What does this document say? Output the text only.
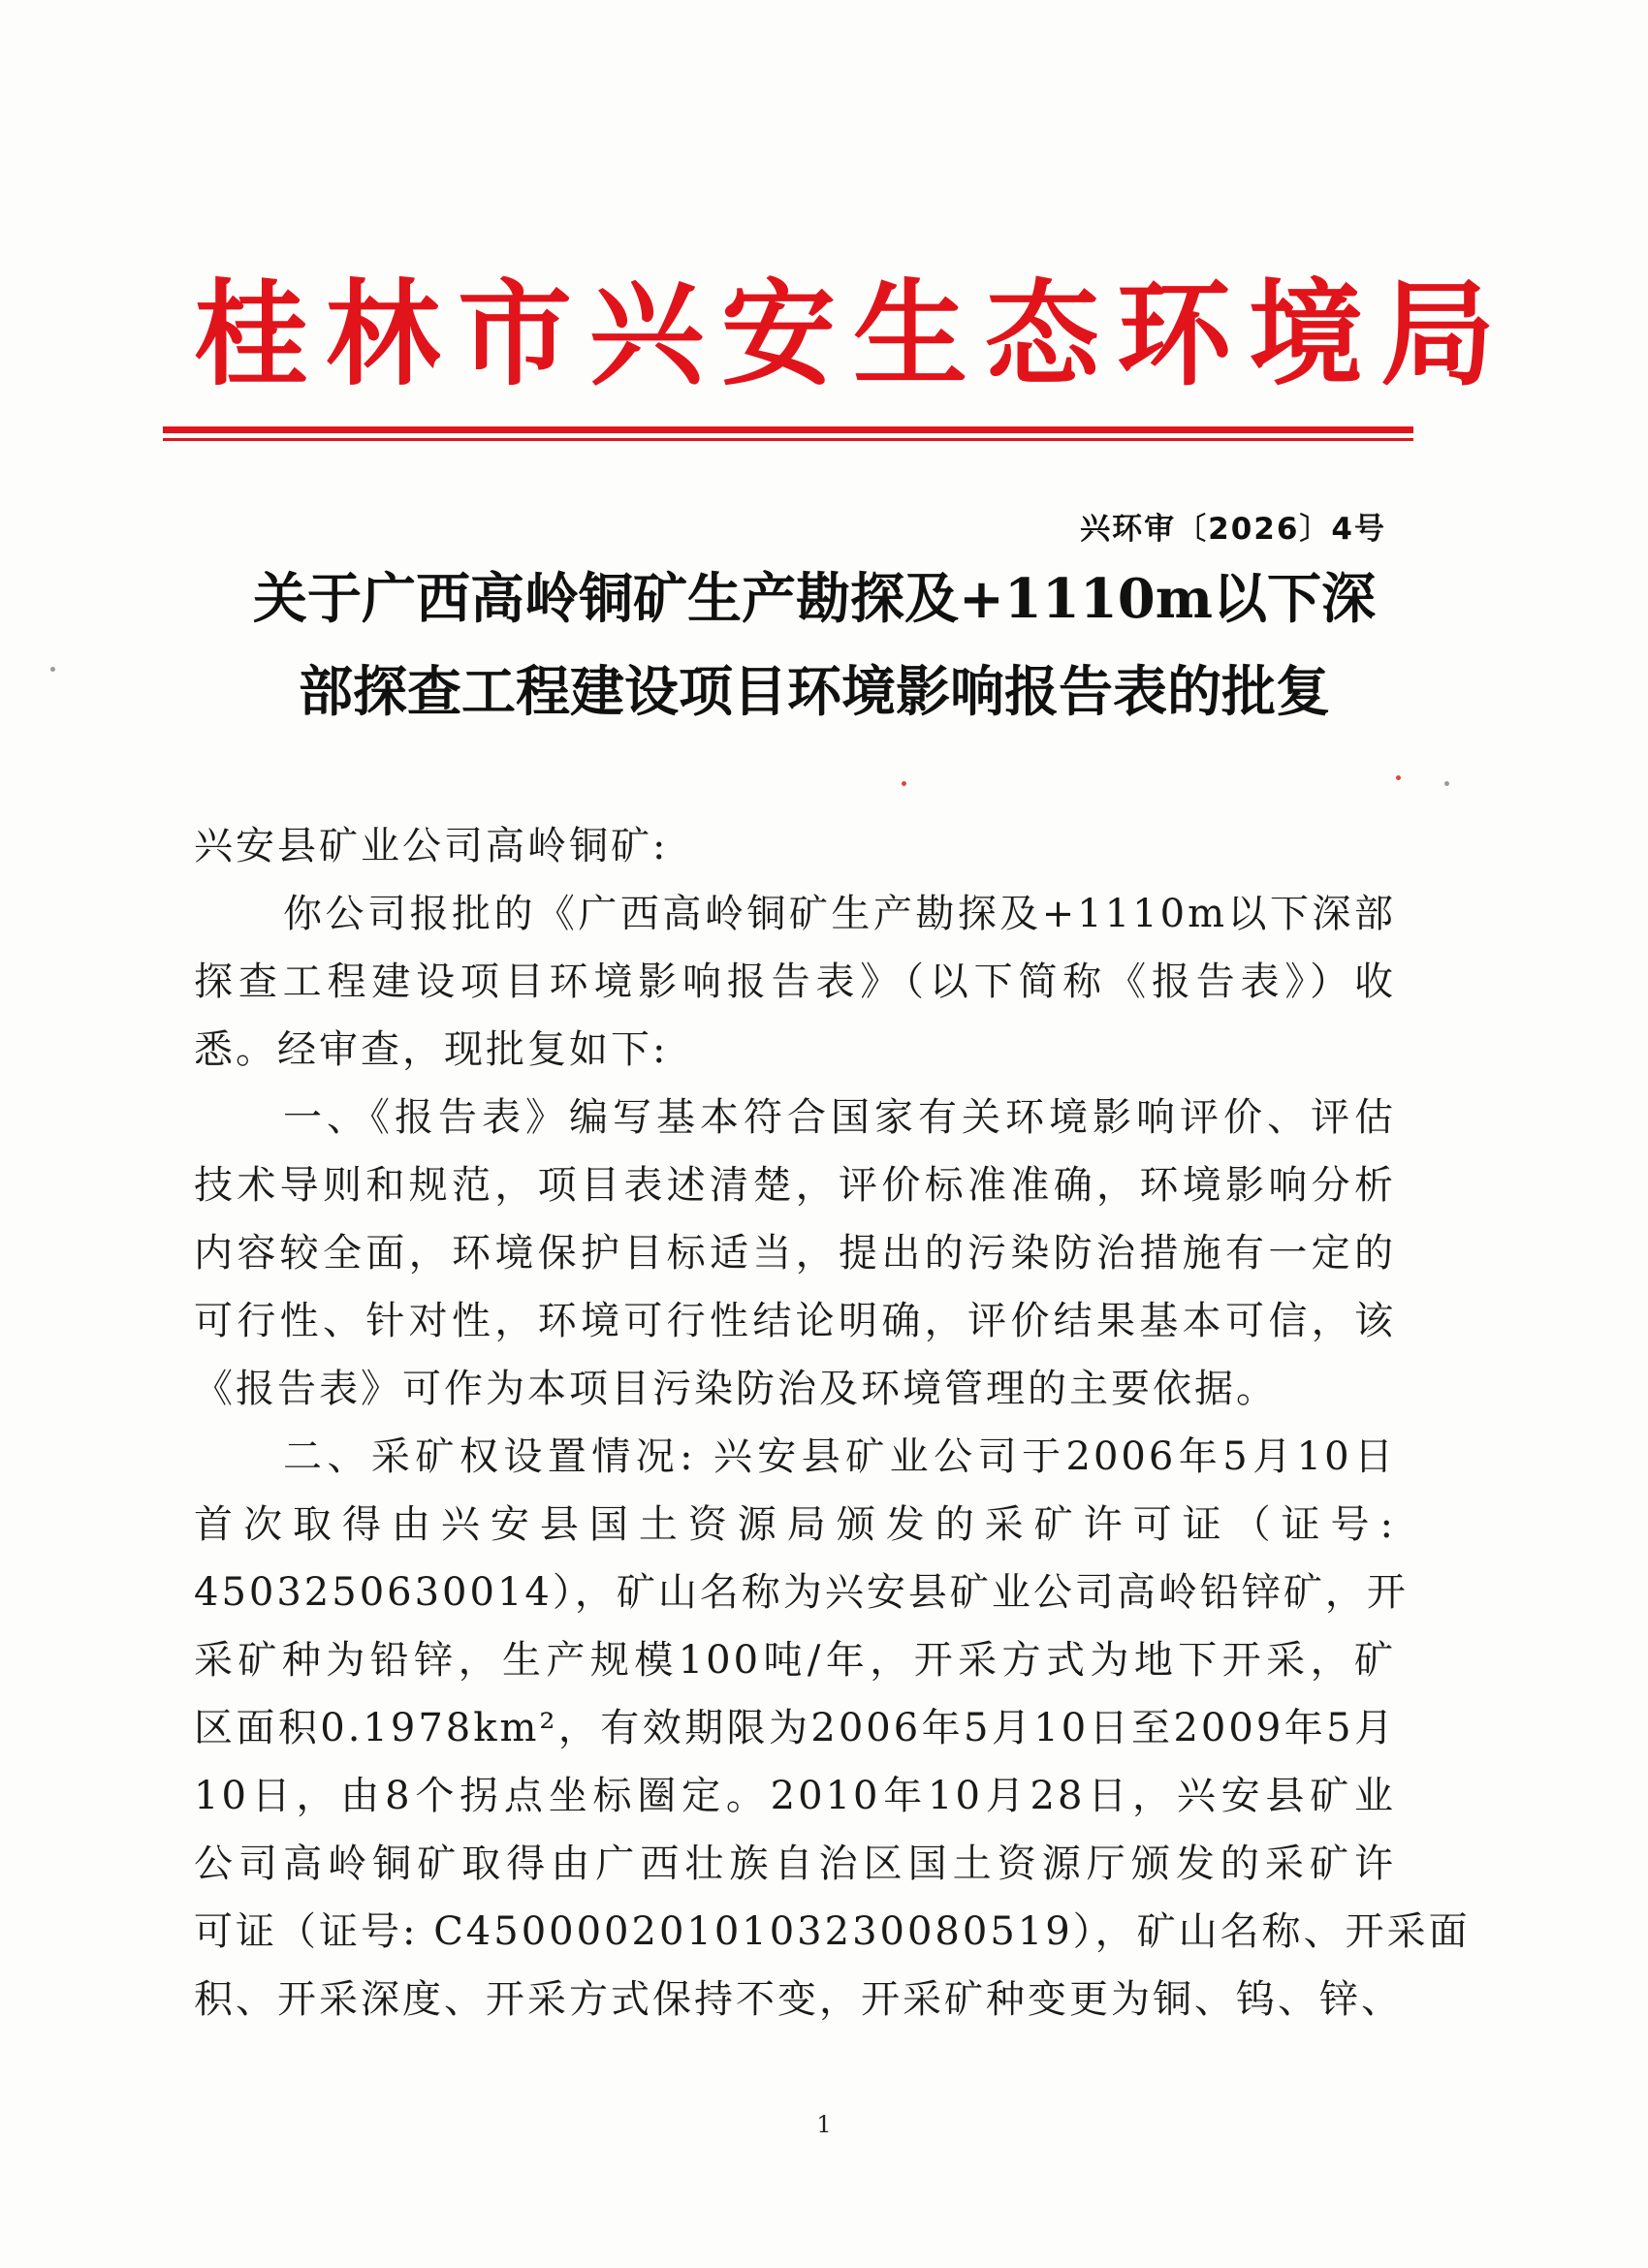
桂林市兴安生态环境局
兴环审〔2026〕4号
关于广西高岭铜矿生产勘探及+1110m以下深
部探查工程建设项目环境影响报告表的批复

兴安县矿业公司高岭铜矿:

你公司报批的《广西高岭铜矿生产勘探及+1110m以下深部

探查工程建设项目环境影响报告表》（以下简称《报告表》）收

悉。经审查，现批复如下:

一、《报告表》编写基本符合国家有关环境影响评价、评估

技术导则和规范，项目表述清楚，评价标准准确，环境影响分析

内容较全面，环境保护目标适当，提出的污染防治措施有一定的

可行性、针对性，环境可行性结论明确，评价结果基本可信，该

《报告表》可作为本项目污染防治及环境管理的主要依据。

二、采矿权设置情况: 兴安县矿业公司于2006年5月10日

首次取得由兴安县国土资源局颁发的采矿许可证（证号:

4503250630014），矿山名称为兴安县矿业公司高岭铅锌矿，开

采矿种为铅锌，生产规模100吨/年，开采方式为地下开采，矿

区面积0.1978km²，有效期限为2006年5月10日至2009年5月

10日，由8个拐点坐标圈定。2010年10月28日，兴安县矿业

公司高岭铜矿取得由广西壮族自治区国土资源厅颁发的采矿许

可证（证号: C4500002010103230080519），矿山名称、开采面

积、开采深度、开采方式保持不变，开采矿种变更为铜、钨、锌、

1
